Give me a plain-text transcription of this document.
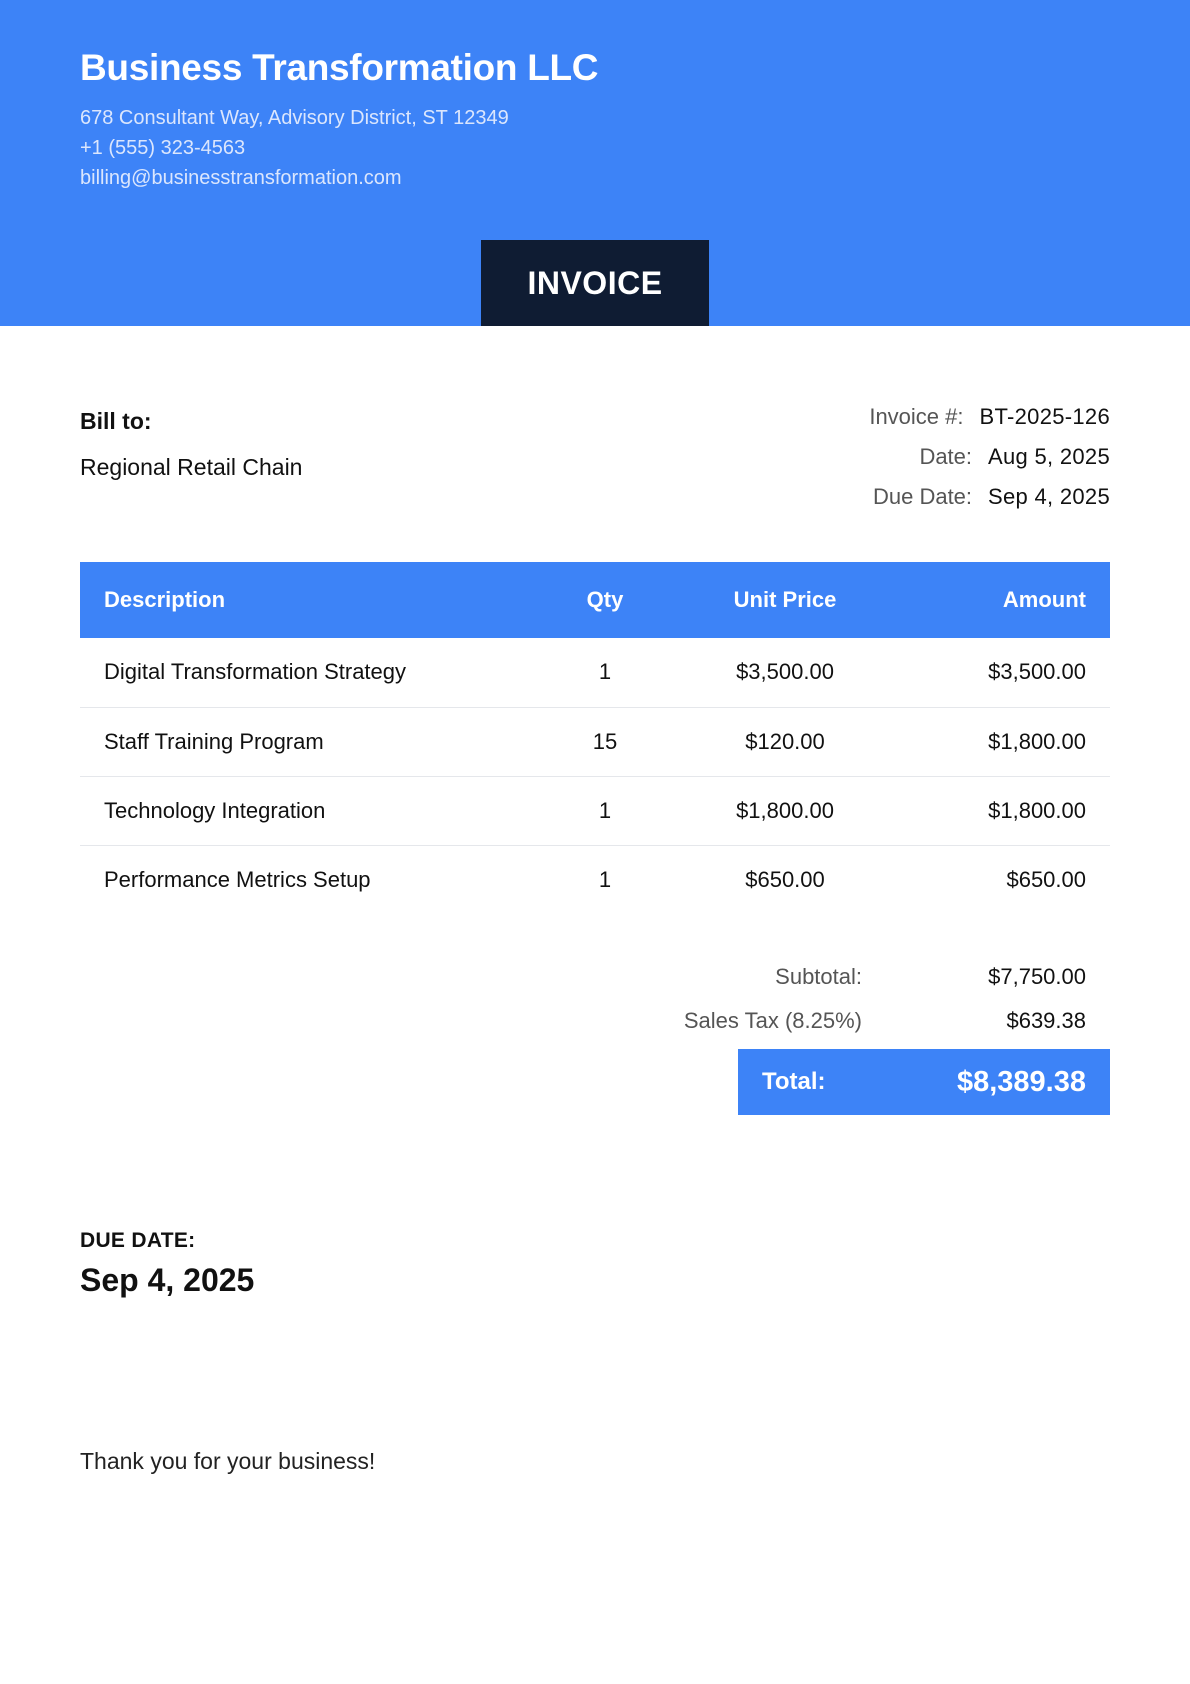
Business Transformation LLC
678 Consultant Way, Advisory District, ST 12349
+1 (555) 323-4563
billing@businesstransformation.com
INVOICE
Bill to:
Regional Retail Chain
Invoice #: BT-2025-126
Date: Aug 5, 2025
Due Date: Sep 4, 2025
Description	Qty	Unit Price	Amount
Digital Transformation Strategy	1	$3,500.00	$3,500.00
Staff Training Program	15	$120.00	$1,800.00
Technology Integration	1	$1,800.00	$1,800.00
Performance Metrics Setup	1	$650.00	$650.00
Subtotal:	$7,750.00
Sales Tax (8.25%)	$639.38
Total:	$8,389.38
DUE DATE:
Sep 4, 2025
Thank you for your business!
